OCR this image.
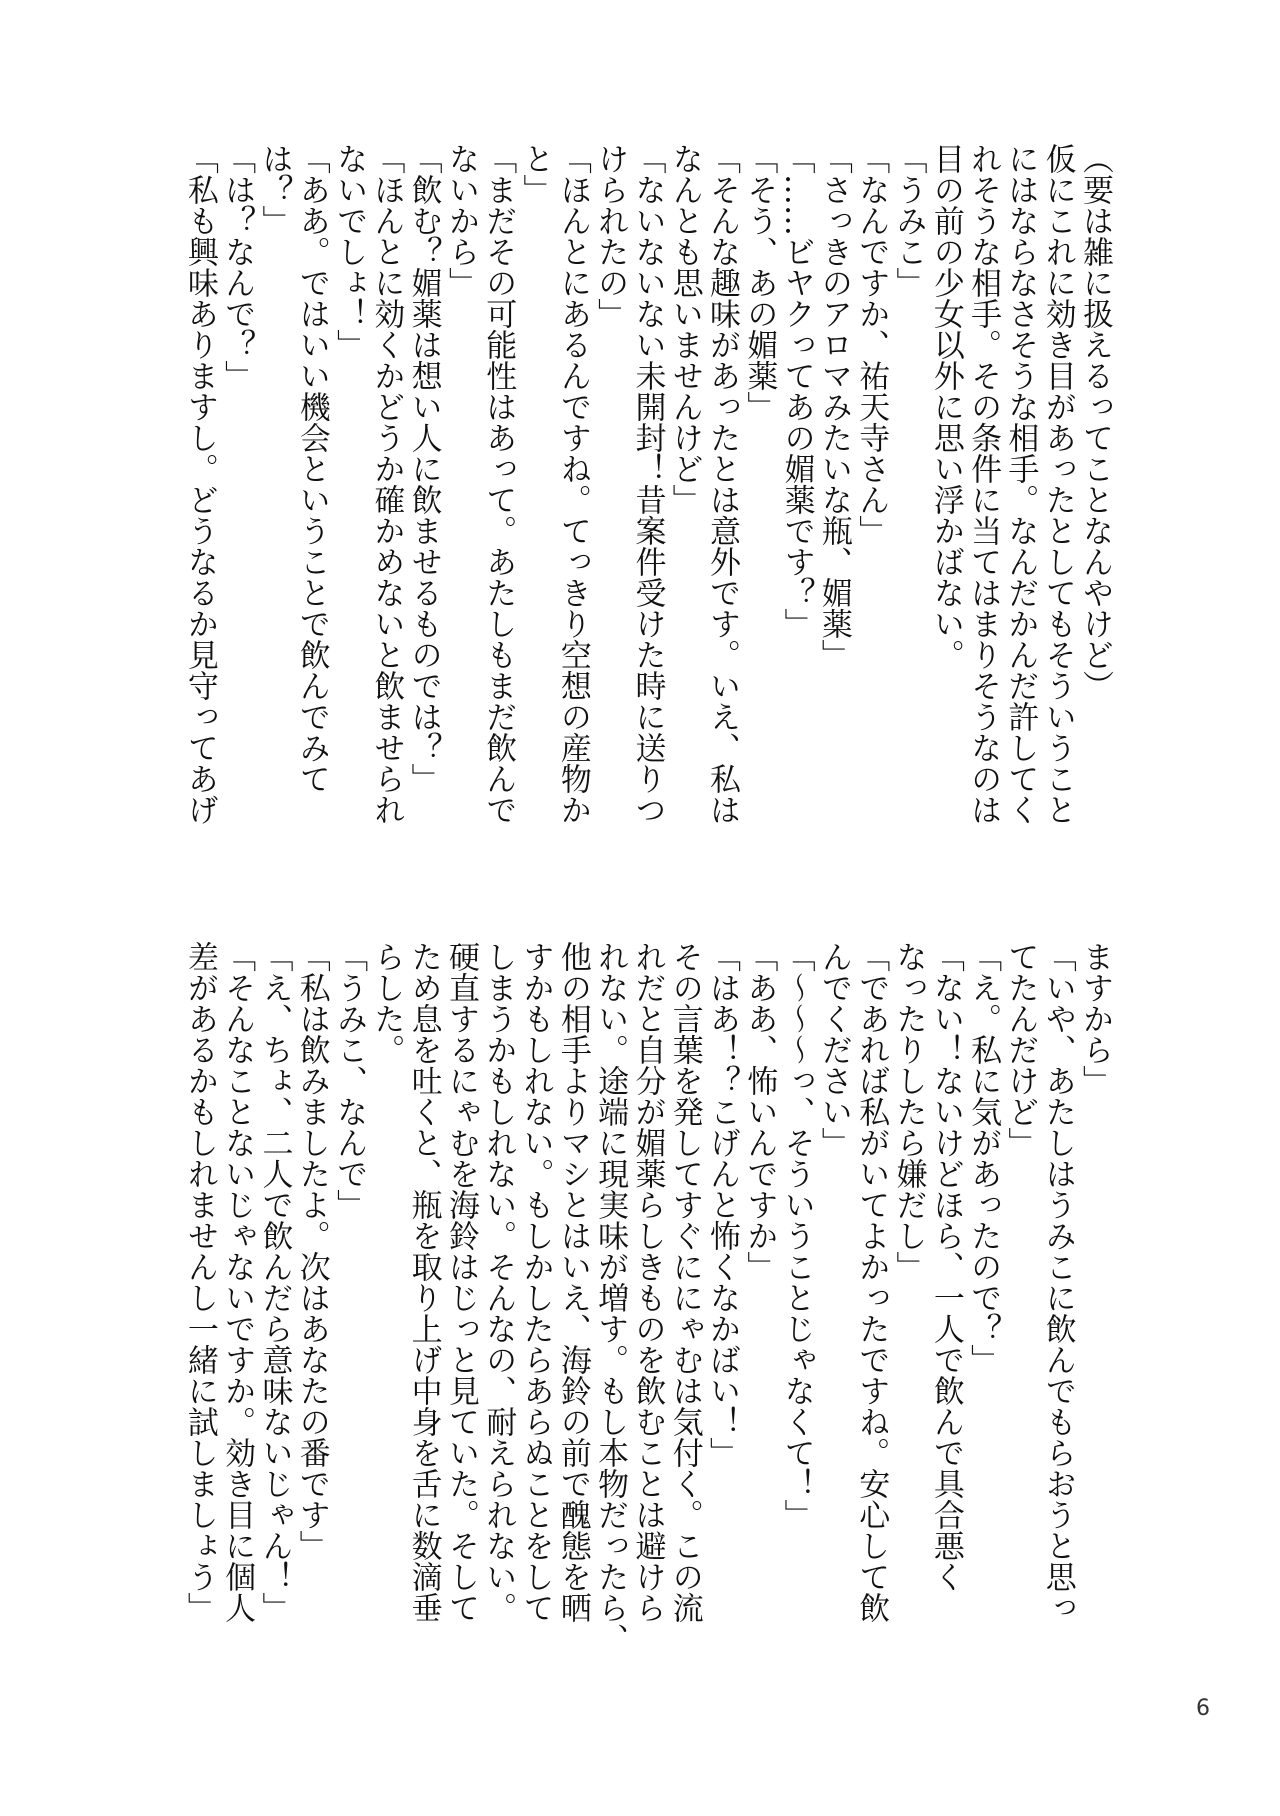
（要は雑に扱えるってことなんやけど）
仮にこれに効き目があったとしてもそういうこと
にはならなさそうな相手。なんだかんだ許してく
れそうな相手。その条件に当てはまりそうなのは
目の前の少女以外に思い浮かばない。
「うみこ」
「なんですか、祐天寺さん」
「さっきのアロマみたいな瓶、媚薬」
「……ビヤクってあの媚薬です？」
「そう、あの媚薬」
「そんな趣味があったとは意外です。いえ、私は
なんとも思いませんけど」
「ないないない未開封！昔案件受けた時に送りつ
けられたの」
「ほんとにあるんですね。てっきり空想の産物か
と」
「まだその可能性はあって。あたしもまだ飲んで
ないから」
「飲む？媚薬は想い人に飲ませるものでは？」
「ほんとに効くかどうか確かめないと飲ませられ
ないでしょ！」
「ああ。ではいい機会ということで飲んでみて
は？」
「は？なんで？」
「私も興味ありますし。どうなるか見守ってあげ
ますから」
「いや、あたしはうみこに飲んでもらおうと思っ
てたんだけど」
「え。私に気があったので？」
「ない！ないけどほら、一人で飲んで具合悪く
なったりしたら嫌だし」
「であれば私がいてよかったですね。安心して飲
んでください」
「〜〜〜っ、そういうことじゃなくて！」
「ああ、怖いんですか」
「はあ！？こげんと怖くなかばい！」
その言葉を発してすぐににゃむは気付く。この流
れだと自分が媚薬らしきものを飲むことは避けら
れない。途端に現実味が増す。もし本物だったら、
他の相手よりマシとはいえ、海鈴の前で醜態を晒
すかもしれない。もしかしたらあらぬことをして
しまうかもしれない。そんなの、耐えられない。
硬直するにゃむを海鈴はじっと見ていた。そして
ため息を吐くと、瓶を取り上げ中身を舌に数滴垂
らした。
「うみこ、なんで」
「私は飲みましたよ。次はあなたの番です」
「え、ちょ、二人で飲んだら意味ないじゃん！」
「そんなことないじゃないですか。効き目に個人
差があるかもしれませんし一緒に試しましょう」
6
